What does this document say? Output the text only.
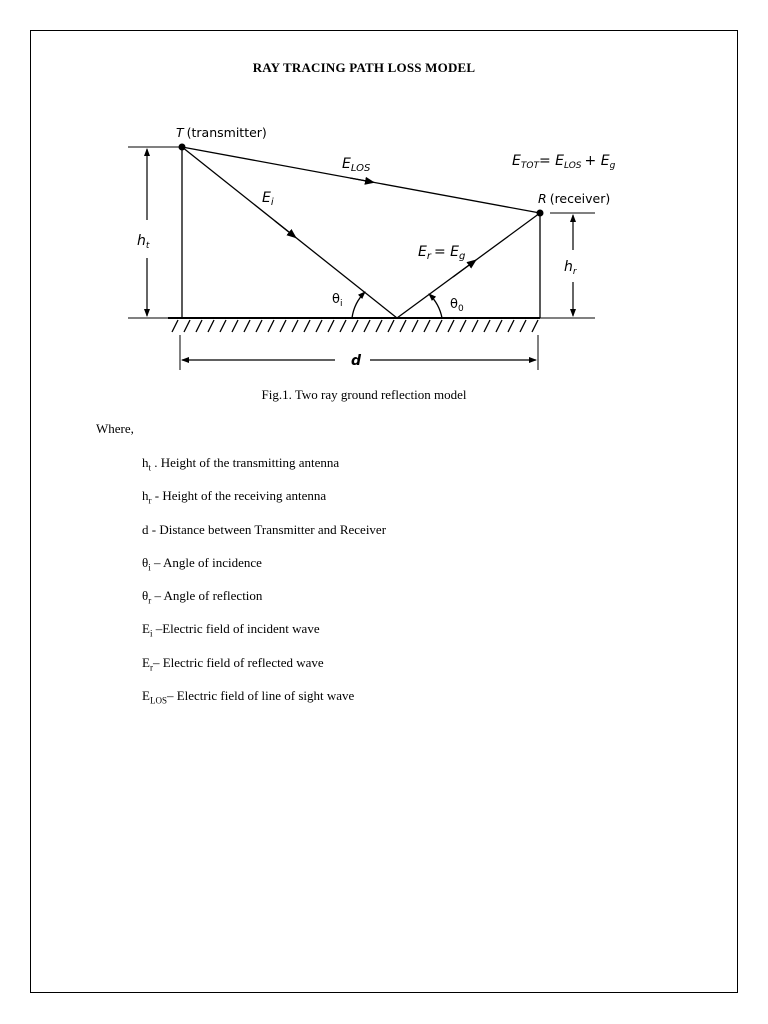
RAY TRACING PATH LOSS MODEL
T (transmitter)
R (receiver)
$E_{LOS}$
$E_i$
$E_r = E_g$
$E_{TOT}= E_{LOS} + E_g$
$h_t$
$h_r$
$\theta_i$	$\theta_0$
d
Fig.1. Two ray ground reflection model
Where,
$h_t$ . Height of the transmitting antenna
$h_r$ - Height of the receiving antenna
d - Distance between Transmitter and Receiver
$\theta_i$ – Angle of incidence
$\theta_r$ – Angle of reflection
$E_i$ –Electric field of incident wave
$E_r-$ Electric field of reflected wave
$E_{LOS}-$ Electric field of line of sight wave
